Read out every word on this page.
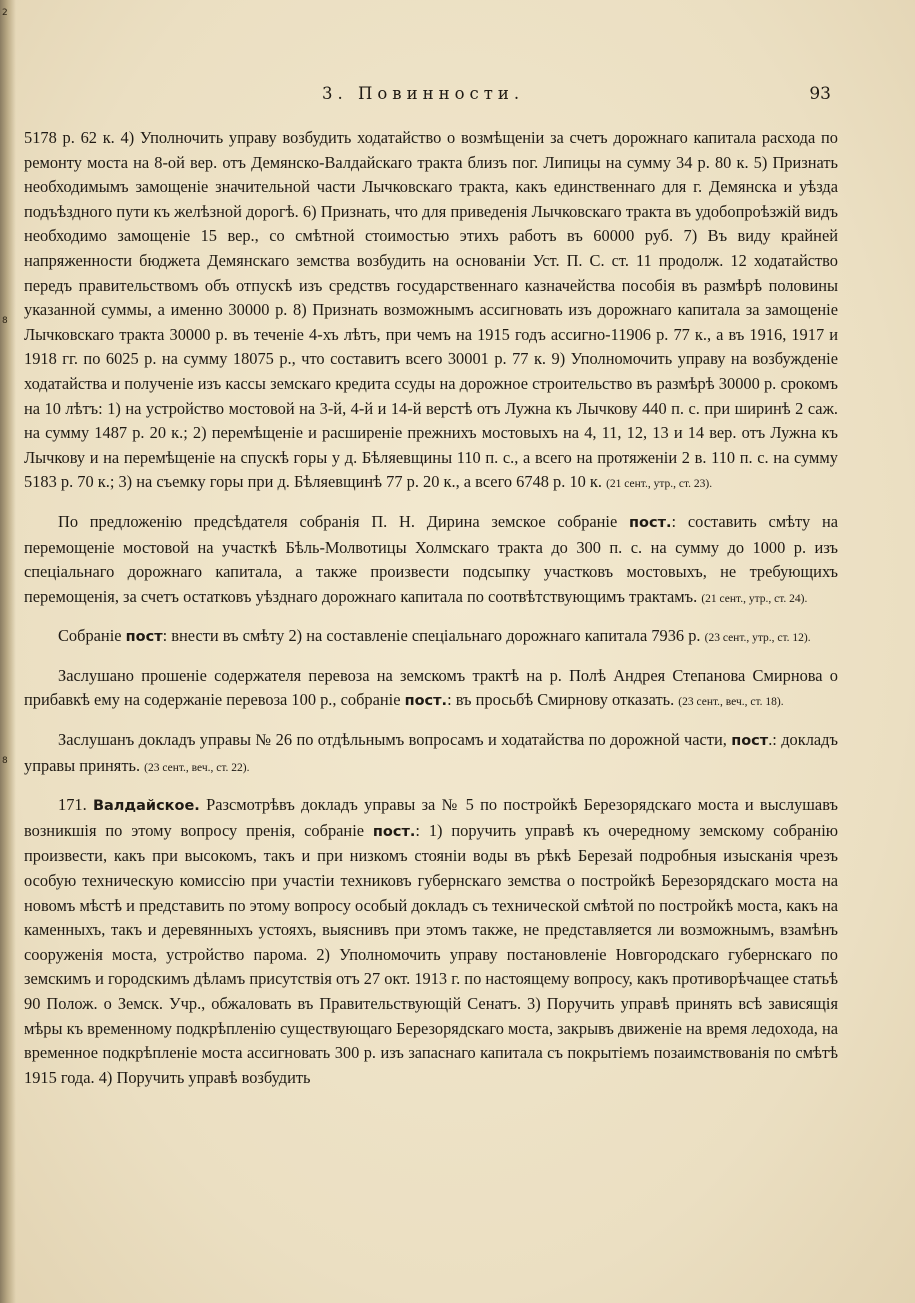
2
8
8
3. Повинности.	93

5178 р. 62 к. 4) Уполночить управу возбудить ходатайство о возмѣщеніи за счетъ дорожнаго капитала расхода по ремонту моста на 8-ой вер. отъ Демянско-Валдайскаго тракта близъ пог. Липицы на сумму 34 р. 80 к. 5) Признать необходимымъ замощеніе значительной части Лычковскаго тракта, какъ единственнаго для г. Демянска и уѣзда подъѣздного пути къ желѣзной дорогѣ. 6) Признать, что для приведенія Лычковскаго тракта въ удобопроѣзжій видъ необходимо замощеніе 15 вер., со смѣтной стоимостью этихъ работъ въ 60000 руб. 7) Въ виду крайней напряженности бюджета Демянскаго земства возбудить на основаніи Уст. П. С. ст. 11 продолж. 12 ходатайство передъ правительствомъ объ отпускѣ изъ средствъ государственнаго казначейства пособія въ размѣрѣ половины указанной суммы, а именно 30000 р. 8) Признать возможнымъ ассигновать изъ дорожнаго капитала за замощеніе Лычковскаго тракта 30000 р. въ теченіе 4-хъ лѣтъ, при чемъ на 1915 годъ ассигно-11906 р. 77 к., а въ 1916, 1917 и 1918 гг. по 6025 р. на сумму 18075 р., что составитъ всего 30001 р. 77 к. 9) Уполномочить управу на возбужденіе ходатайства и полученіе изъ кассы земскаго кредита ссуды на дорожное строительство въ размѣрѣ 30000 р. срокомъ на 10 лѣтъ: 1) на устройство мостовой на 3-й, 4-й и 14-й верстѣ отъ Лужна къ Лычкову 440 п. с. при ширинѣ 2 саж. на сумму 1487 р. 20 к.; 2) перемѣщеніе и расширеніе прежнихъ мостовыхъ на 4, 11, 12, 13 и 14 вер. отъ Лужна къ Лычкову и на перемѣщеніе на спускѣ горы у д. Бѣляевщины 110 п. с., а всего на протяженіи 2 в. 110 п. с. на сумму 5183 р. 70 к.; 3) на съемку горы при д. Бѣляевщинѣ 77 р. 20 к., а всего 6748 р. 10 к. (21 сент., утр., ст. 23).

По предложенію предсѣдателя собранія П. Н. Дирина земское собраніе пост.: составить смѣту на перемощеніе мостовой на участкѣ Бѣль-Молвотицы Холмскаго тракта до 300 п. с. на сумму до 1000 р. изъ спеціальнаго дорожнаго капитала, а также произвести подсыпку участковъ мостовыхъ, не требующихъ перемощенія, за счетъ остатковъ уѣзднаго дорожнаго капитала по соотвѣтствующимъ трактамъ. (21 сент., утр., ст. 24).

Собраніе пост: внести въ смѣту 2) на составленіе спеціальнаго дорожнаго капитала 7936 р. (23 сент., утр., ст. 12).

Заслушано прошеніе содержателя перевоза на земскомъ трактѣ на р. Полѣ Андрея Степанова Смирнова о прибавкѣ ему на содержаніе перевоза 100 р., собраніе пост.: въ просьбѣ Смирнову отказать. (23 сент., веч., ст. 18).

Заслушанъ докладъ управы № 26 по отдѣльнымъ вопросамъ и ходатайства по дорожной части, пост.: докладъ управы принять. (23 сент., веч., ст. 22).

171. Валдайское. Разсмотрѣвъ докладъ управы за № 5 по постройкѣ Березорядскаго моста и выслушавъ возникшія по этому вопросу пренія, собраніе пост.: 1) поручить управѣ къ очередному земскому собранію произвести, какъ при высокомъ, такъ и при низкомъ стояніи воды въ рѣкѣ Березай подробныя изысканія чрезъ особую техническую комиссію при участіи техниковъ губернскаго земства о постройкѣ Березорядскаго моста на новомъ мѣстѣ и представить по этому вопросу особый докладъ съ технической смѣтой по постройкѣ моста, какъ на каменныхъ, такъ и деревянныхъ устояхъ, выяснивъ при этомъ также, не представляется ли возможнымъ, взамѣнъ сооруженія моста, устройство парома. 2) Уполномочить управу постановленіе Новгородскаго губернскаго по земскимъ и городскимъ дѣламъ присутствія отъ 27 окт. 1913 г. по настоящему вопросу, какъ противорѣчащее статьѣ 90 Полож. о Земск. Учр., обжаловать въ Правительствующій Сенатъ. 3) Поручить управѣ принять всѣ зависящія мѣры къ временному подкрѣпленію существующаго Березорядскаго моста, закрывъ движеніе на время ледохода, на временное подкрѣпленіе моста ассигновать 300 р. изъ запаснаго капитала съ покрытіемъ позаимствованія по смѣтѣ 1915 года. 4) Поручить управѣ возбудить
